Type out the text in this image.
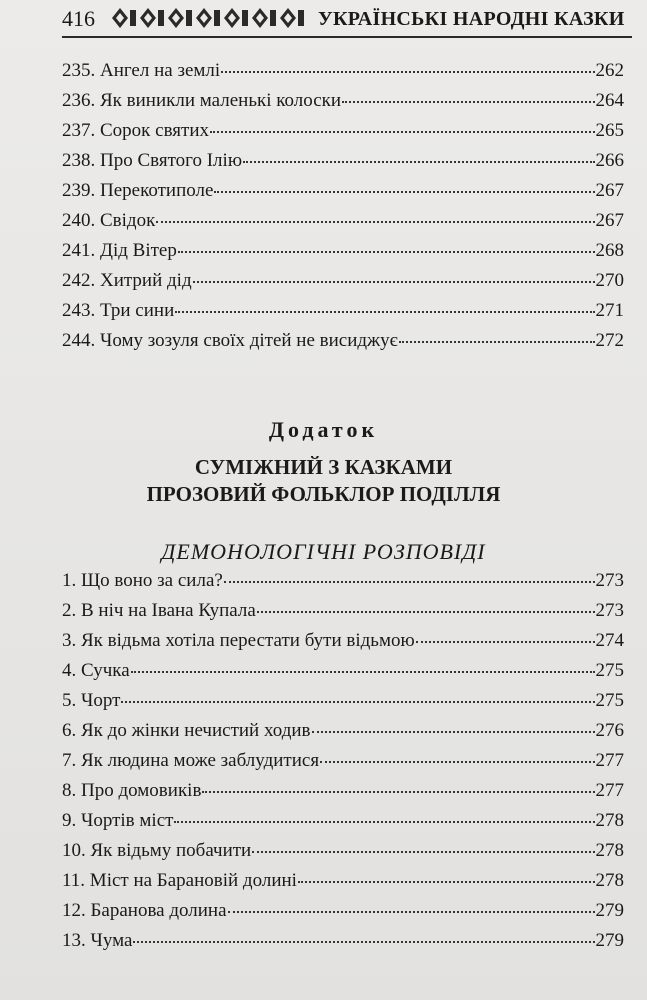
416	УКРАЇНСЬКІ НАРОДНІ КАЗКИ
235. Ангел на землі	262
236. Як виникли маленькі колоски	264
237. Сорок святих	265
238. Про Святого Ілію	266
239. Перекотиполе	267
240. Свідок	267
241. Дід Вітер	268
242. Хитрий дід	270
243. Три сини	271
244. Чому зозуля своїх дітей не висиджує	272
Додаток
СУМІЖНИЙ З КАЗКАМИ
ПРОЗОВИЙ ФОЛЬКЛОР ПОДІЛЛЯ
ДЕМОНОЛОГІЧНІ РОЗПОВІДІ
1. Що воно за сила?	273
2. В ніч на Івана Купала	273
3. Як відьма хотіла перестати бути відьмою	274
4. Сучка	275
5. Чорт	275
6. Як до жінки нечистий ходив	276
7. Як людина може заблудитися	277
8. Про домовиків	277
9. Чортів міст	278
10. Як відьму побачити	278
11. Міст на Барановій долині	278
12. Баранова долина	279
13. Чума	279
